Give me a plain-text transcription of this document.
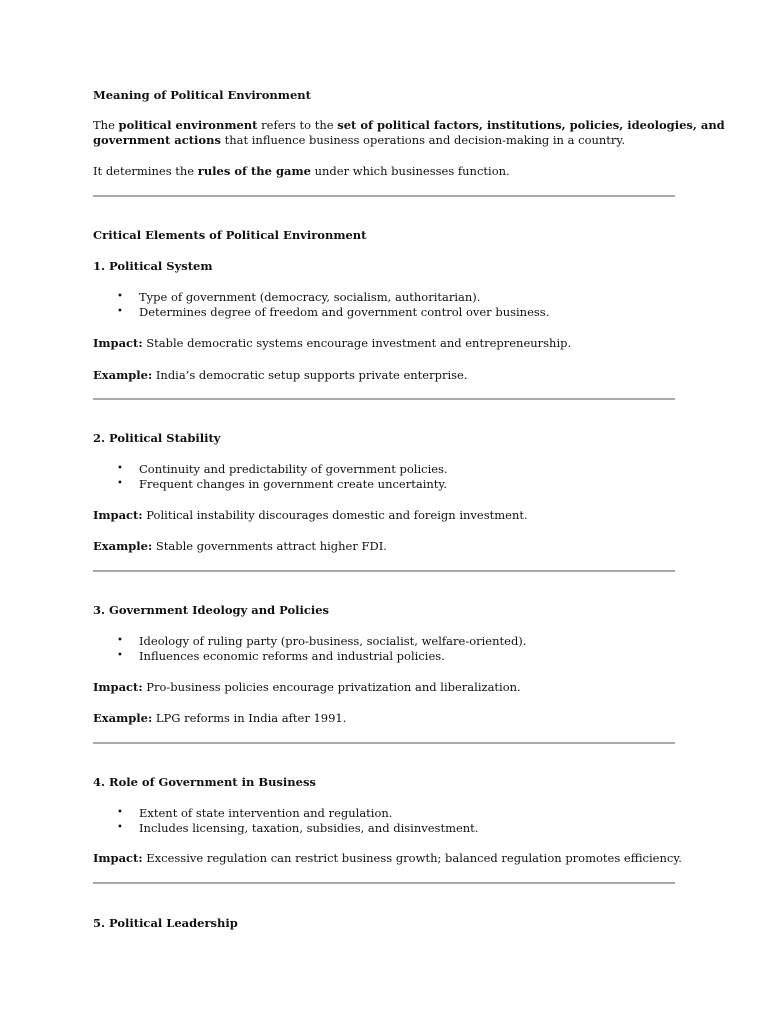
Meaning of Political Environment
The political environment refers to the set of political factors, institutions, policies, ideologies, and
government actions that influence business operations and decision-making in a country.
It determines the rules of the game under which businesses function.
Critical Elements of Political Environment
1. Political System
• Type of government (democracy, socialism, authoritarian).
• Determines degree of freedom and government control over business.
Impact: Stable democratic systems encourage investment and entrepreneurship.
Example: India’s democratic setup supports private enterprise.
2. Political Stability
• Continuity and predictability of government policies.
• Frequent changes in government create uncertainty.
Impact: Political instability discourages domestic and foreign investment.
Example: Stable governments attract higher FDI.
3. Government Ideology and Policies
• Ideology of ruling party (pro-business, socialist, welfare-oriented).
• Influences economic reforms and industrial policies.
Impact: Pro-business policies encourage privatization and liberalization.
Example: LPG reforms in India after 1991.
4. Role of Government in Business
• Extent of state intervention and regulation.
• Includes licensing, taxation, subsidies, and disinvestment.
Impact: Excessive regulation can restrict business growth; balanced regulation promotes efficiency.
5. Political Leadership
